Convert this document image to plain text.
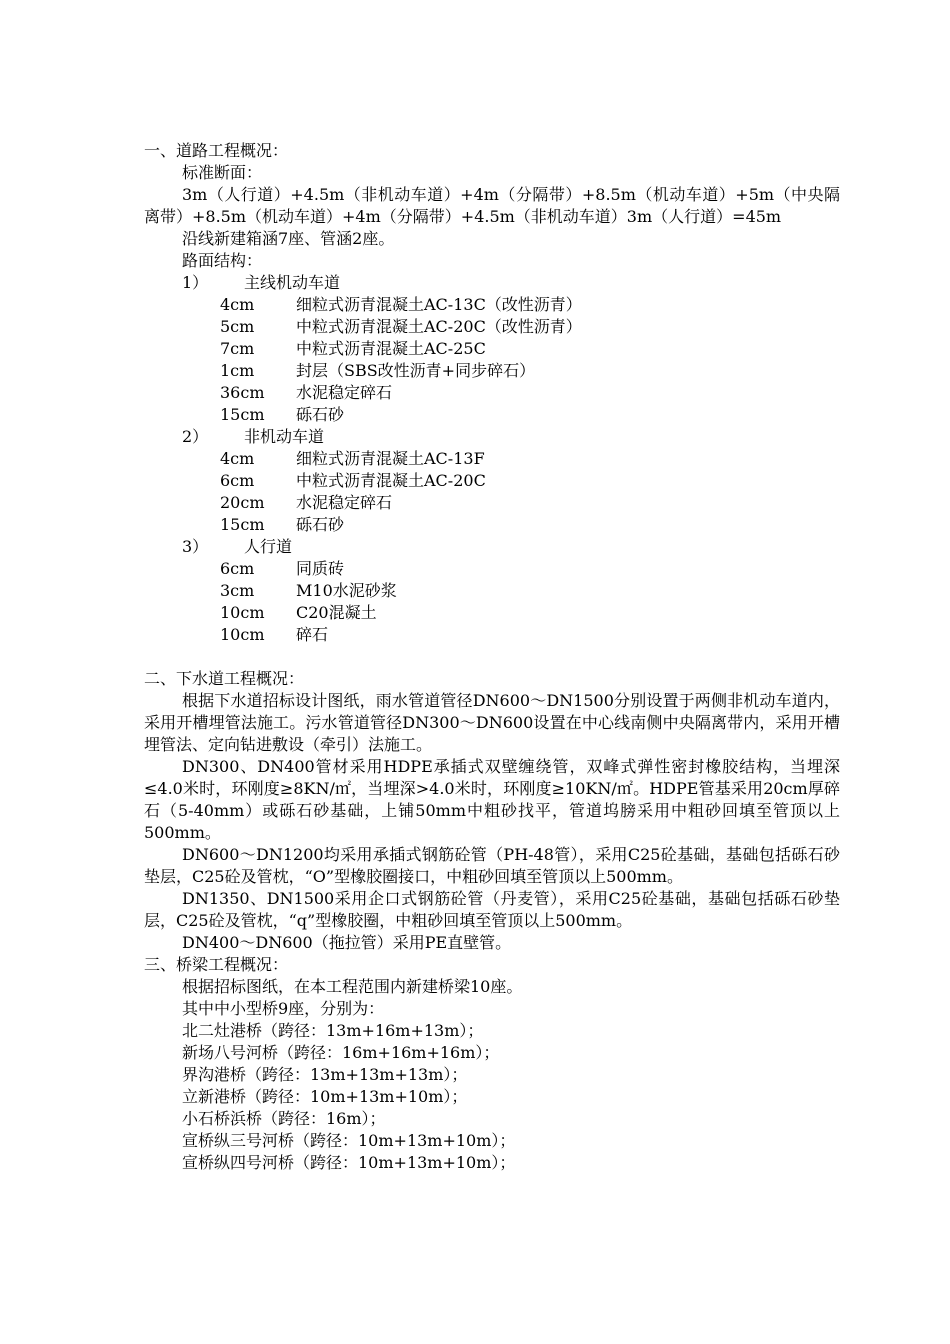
一、道路工程概况：

标准断面：

3m（人行道）+4.5m（非机动车道）+4m（分隔带）+8.5m（机动车道）+5m（中央隔离带）+8.5m（机动车道）+4m（分隔带）+4.5m（非机动车道）3m（人行道）=45m

沿线新建箱涵7座、管涵2座。

路面结构：

1）	主线机动车道
4cm	细粒式沥青混凝土AC-13C（改性沥青）
5cm	中粒式沥青混凝土AC-20C（改性沥青）
7cm	中粒式沥青混凝土AC-25C
1cm	封层（SBS改性沥青+同步碎石）
36cm	水泥稳定碎石
15cm	砾石砂
2）	非机动车道
4cm	细粒式沥青混凝土AC-13F
6cm	中粒式沥青混凝土AC-20C
20cm	水泥稳定碎石
15cm	砾石砂
3）	人行道
6cm	同质砖
3cm	M10水泥砂浆
10cm	C20混凝土
10cm	碎石

二、下水道工程概况：

根据下水道招标设计图纸，雨水管道管径DN600～DN1500分别设置于两侧非机动车道内，采用开槽埋管法施工。污水管道管径DN300～DN600设置在中心线南侧中央隔离带内，采用开槽埋管法、定向钻进敷设（牵引）法施工。

DN300、DN400管材采用HDPE承插式双壁缠绕管，双峰式弹性密封橡胶结构，当埋深≤4.0米时，环刚度≥8KN/㎡，当埋深>4.0米时，环刚度≥10KN/㎡。HDPE管基采用20cm厚碎石（5-40mm）或砾石砂基础，上铺50mm中粗砂找平，管道坞膀采用中粗砂回填至管顶以上500mm。

DN600～DN1200均采用承插式钢筋砼管（PH-48管），采用C25砼基础，基础包括砾石砂垫层，C25砼及管枕，“O”型橡胶圈接口，中粗砂回填至管顶以上500mm。

DN1350、DN1500采用企口式钢筋砼管（丹麦管），采用C25砼基础，基础包括砾石砂垫层，C25砼及管枕，“q”型橡胶圈，中粗砂回填至管顶以上500mm。

DN400～DN600（拖拉管）采用PE直壁管。

三、桥梁工程概况：

根据招标图纸，在本工程范围内新建桥梁10座。

其中中小型桥9座，分别为：

北二灶港桥（跨径：13m+16m+13m）；

新场八号河桥（跨径：16m+16m+16m）；

界沟港桥（跨径：13m+13m+13m）；

立新港桥（跨径：10m+13m+10m）；

小石桥浜桥（跨径：16m）；

宣桥纵三号河桥（跨径：10m+13m+10m）；

宣桥纵四号河桥（跨径：10m+13m+10m）；
